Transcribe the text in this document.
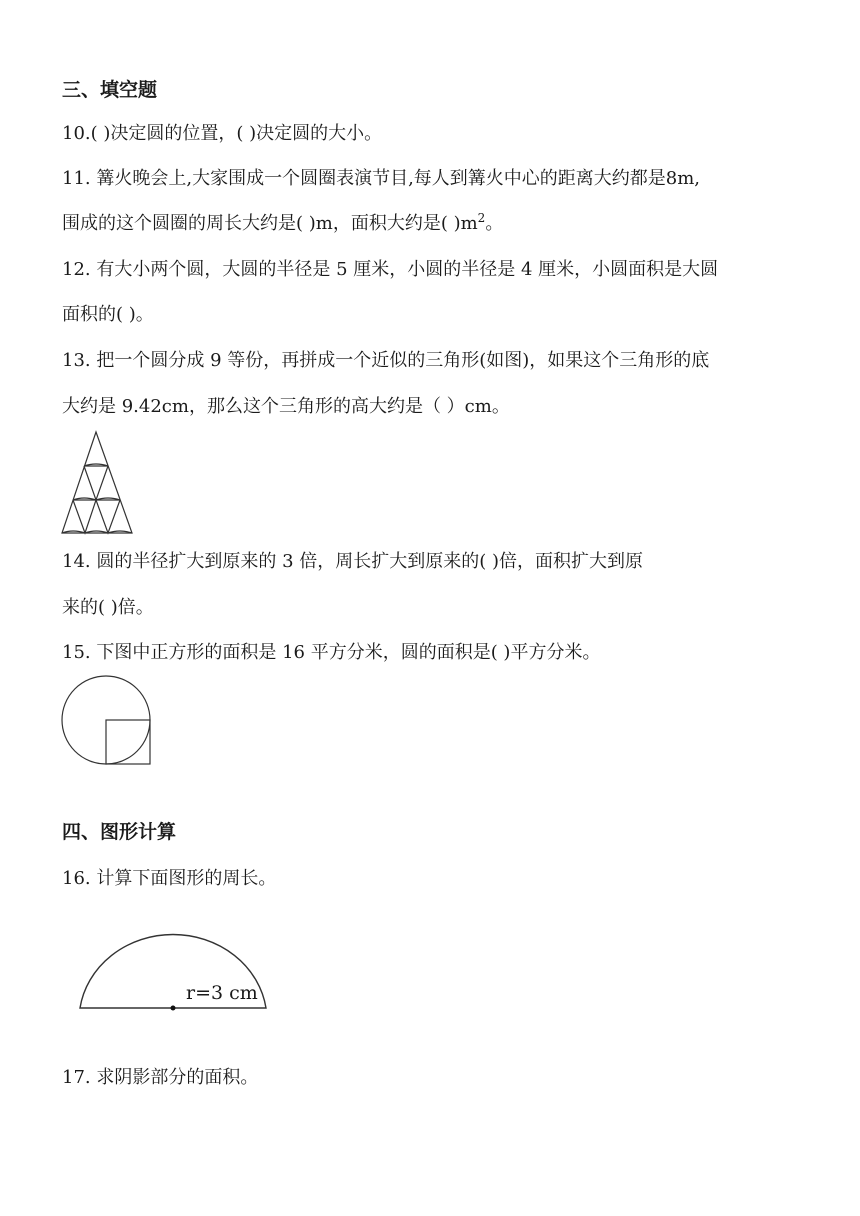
三、填空题
10.( )决定圆的位置，( )决定圆的大小。
11. 篝火晚会上,大家围成一个圆圈表演节目,每人到篝火中心的距离大约都是8m,
围成的这个圆圈的周长大约是( )m，面积大约是( )$m^2$。
12. 有大小两个圆，大圆的半径是 5 厘米，小圆的半径是 4 厘米，小圆面积是大圆
面积的( )。
13. 把一个圆分成 9 等份，再拼成一个近似的三角形(如图)，如果这个三角形的底
大约是 9.42cm，那么这个三角形的高大约是（ ）cm。
14. 圆的半径扩大到原来的 3 倍，周长扩大到原来的( )倍，面积扩大到原
来的( )倍。
15. 下图中正方形的面积是 16 平方分米，圆的面积是( )平方分米。
四、图形计算
16. 计算下面图形的周长。
r=3 cm
17. 求阴影部分的面积。
